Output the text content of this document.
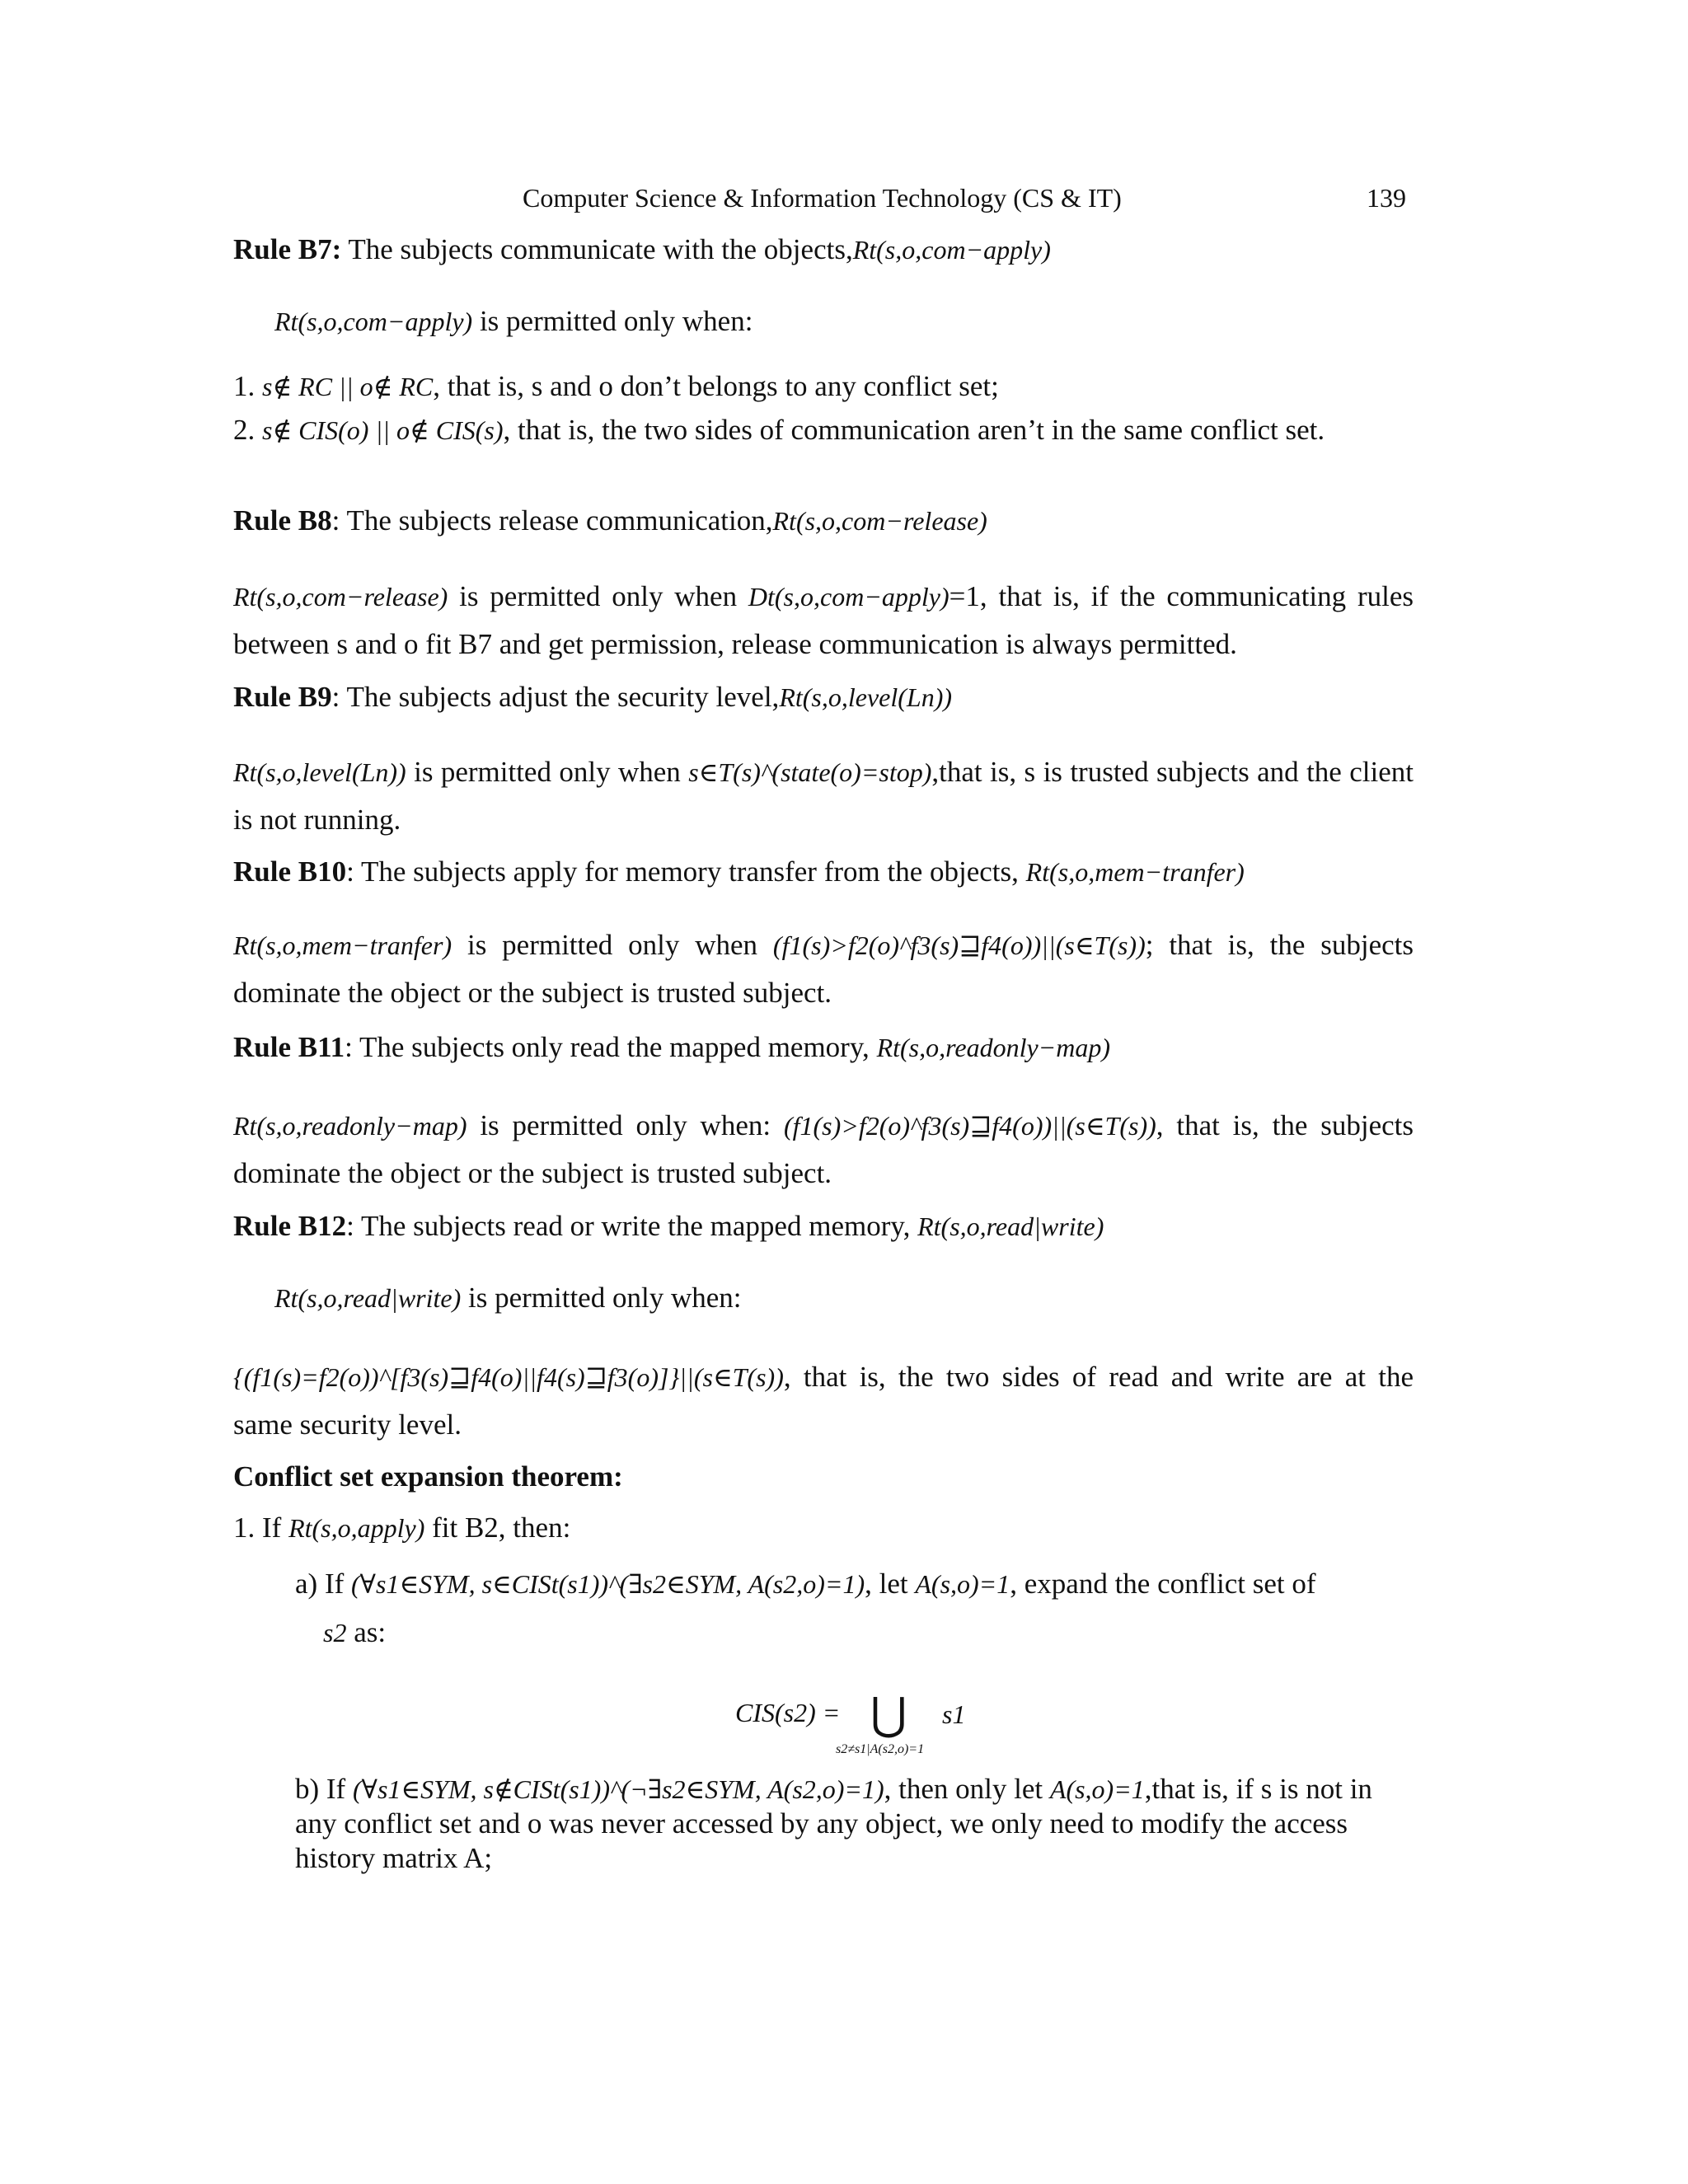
Computer Science & Information Technology (CS & IT)	139
Rule B7: The subjects communicate with the objects,Rt(s,o,com−apply)
Rt(s,o,com−apply) is permitted only when:
1. s∉ RC || o∉ RC, that is, s and o don’t belongs to any conflict set;
2. s∉ CIS(o) || o∉ CIS(s), that is, the two sides of communication aren’t in the same conflict set.
Rule B8: The subjects release communication,Rt(s,o,com−release)
Rt(s,o,com−release) is permitted only when Dt(s,o,com−apply)=1, that is, if the communicating rules between s and o fit B7 and get permission, release communication is always permitted.
Rule B9: The subjects adjust the security level,Rt(s,o,level(Ln))
Rt(s,o,level(Ln)) is permitted only when s∈T(s)^(state(o)=stop),that is, s is trusted subjects and the client is not running.
Rule B10: The subjects apply for memory transfer from the objects, Rt(s,o,mem−tranfer)
Rt(s,o,mem−tranfer) is permitted only when (f1(s)>f2(o)^f3(s)⊒f4(o))||(s∈T(s)); that is, the subjects dominate the object or the subject is trusted subject.
Rule B11: The subjects only read the mapped memory, Rt(s,o,readonly−map)
Rt(s,o,readonly−map) is permitted only when: (f1(s)>f2(o)^f3(s)⊒f4(o))||(s∈T(s)), that is, the subjects dominate the object or the subject is trusted subject.
Rule B12: The subjects read or write the mapped memory, Rt(s,o,read|write)
Rt(s,o,read|write) is permitted only when:
{(f1(s)=f2(o))^[f3(s)⊒f4(o)||f4(s)⊒f3(o)]}||(s∈T(s)), that is, the two sides of read and write are at the same security level.
Conflict set expansion theorem:
1. If Rt(s,o,apply) fit B2, then:
a) If (∀s1∈SYM, s∈CISt(s1))^(∃s2∈SYM, A(s2,o)=1), let A(s,o)=1, expand the conflict set of
s2 as:
CIS(s2) = ⋃ s1
s2≠s1|A(s2,o)=1
b) If (∀s1∈SYM, s∉CISt(s1))^(¬∃s2∈SYM, A(s2,o)=1), then only let A(s,o)=1,that is, if s is not in any conflict set and o was never accessed by any object, we only need to modify the access history matrix A;
